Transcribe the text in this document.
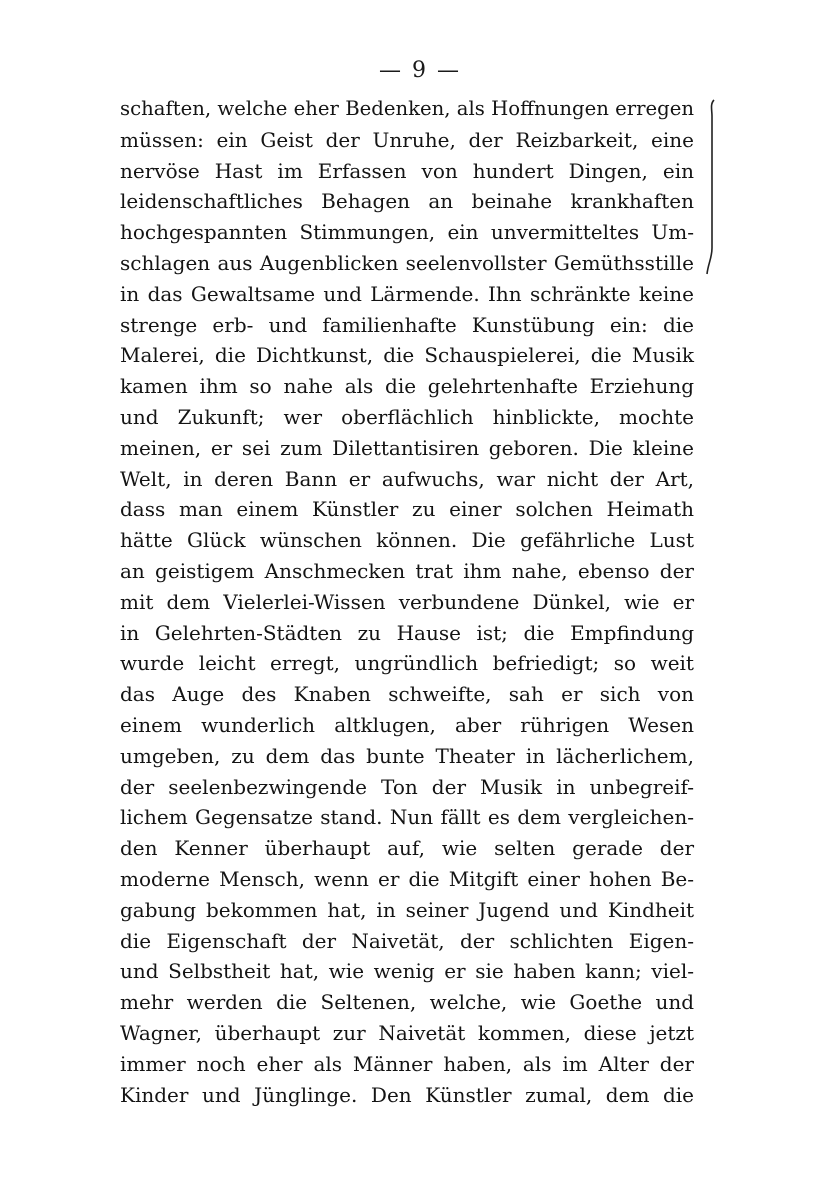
— 9 —
schaften, welche eher Bedenken, als Hoffnungen erregen
müssen: ein Geist der Unruhe, der Reizbarkeit, eine
nervöse Hast im Erfassen von hundert Dingen, ein
leidenschaftliches Behagen an beinahe krankhaften
hochgespannten Stimmungen, ein unvermitteltes Um-
schlagen aus Augenblicken seelenvollster Gemüthsstille
in das Gewaltsame und Lärmende. Ihn schränkte keine
strenge erb- und familienhafte Kunstübung ein: die
Malerei, die Dichtkunst, die Schauspielerei, die Musik
kamen ihm so nahe als die gelehrtenhafte Erziehung
und Zukunft; wer oberflächlich hinblickte, mochte
meinen, er sei zum Dilettantisiren geboren. Die kleine
Welt, in deren Bann er aufwuchs, war nicht der Art,
dass man einem Künstler zu einer solchen Heimath
hätte Glück wünschen können. Die gefährliche Lust
an geistigem Anschmecken trat ihm nahe, ebenso der
mit dem Vielerlei-Wissen verbundene Dünkel, wie er
in Gelehrten-Städten zu Hause ist; die Empfindung
wurde leicht erregt, ungründlich befriedigt; so weit
das Auge des Knaben schweifte, sah er sich von
einem wunderlich altklugen, aber rührigen Wesen
umgeben, zu dem das bunte Theater in lächerlichem,
der seelenbezwingende Ton der Musik in unbegreif-
lichem Gegensatze stand. Nun fällt es dem vergleichen-
den Kenner überhaupt auf, wie selten gerade der
moderne Mensch, wenn er die Mitgift einer hohen Be-
gabung bekommen hat, in seiner Jugend und Kindheit
die Eigenschaft der Naivetät, der schlichten Eigen-
und Selbstheit hat, wie wenig er sie haben kann; viel-
mehr werden die Seltenen, welche, wie Goethe und
Wagner, überhaupt zur Naivetät kommen, diese jetzt
immer noch eher als Männer haben, als im Alter der
Kinder und Jünglinge. Den Künstler zumal, dem die
